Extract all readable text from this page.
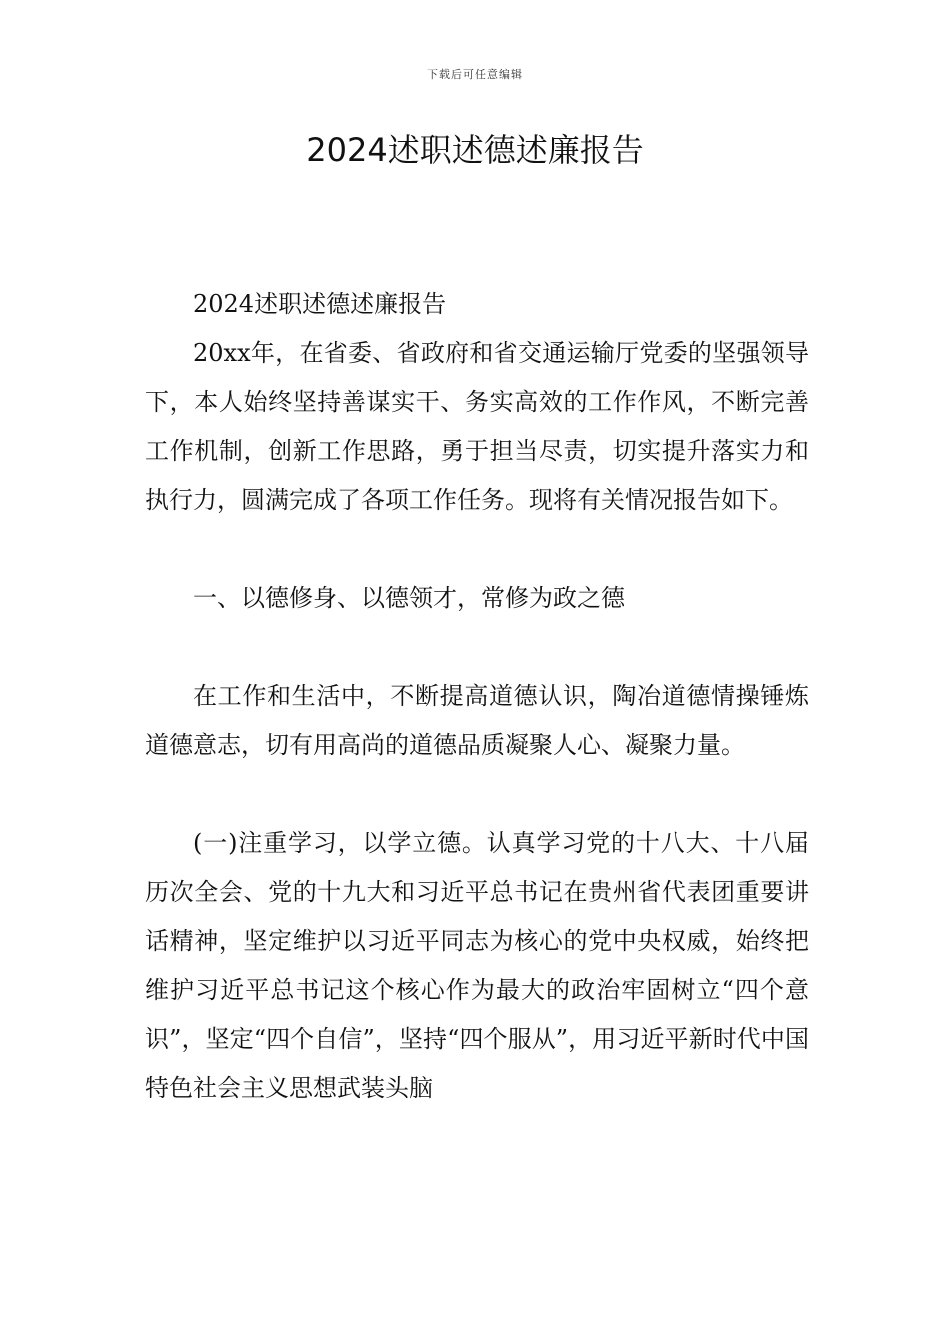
下载后可任意编辑
2024述职述德述廉报告

2024述职述德述廉报告

20xx年，在省委、省政府和省交通运输厅党委的坚强领导下，本人始终坚持善谋实干、务实高效的工作作风，不断完善工作机制，创新工作思路，勇于担当尽责，切实提升落实力和执行力，圆满完成了各项工作任务。现将有关情况报告如下。

一、以德修身、以德领才，常修为政之德

在工作和生活中，不断提高道德认识，陶冶道德情操锤炼道德意志，切有用高尚的道德品质凝聚人心、凝聚力量。

(一)注重学习，以学立德。认真学习党的十八大、十八届历次全会、党的十九大和习近平总书记在贵州省代表团重要讲话精神，坚定维护以习近平同志为核心的党中央权威，始终把维护习近平总书记这个核心作为最大的政治牢固树立“四个意识”，坚定“四个自信”，坚持“四个服从”，用习近平新时代中国特色社会主义思想武装头脑
